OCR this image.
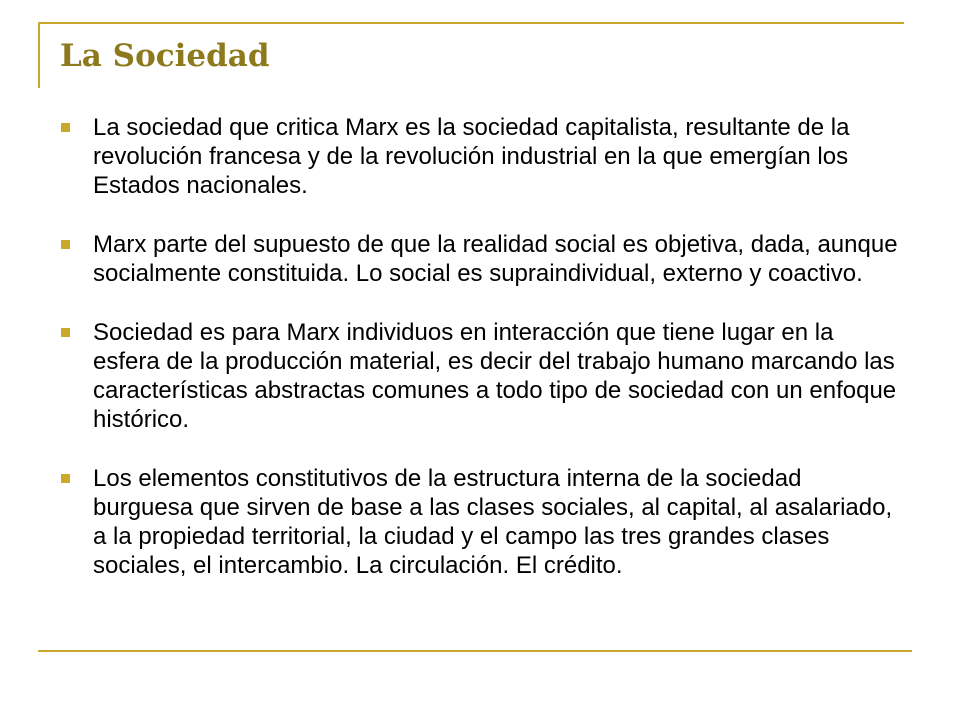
La Sociedad
La sociedad que critica Marx es la sociedad capitalista, resultante de la revolución francesa y de la revolución industrial en la que emergían los Estados nacionales.
Marx parte del supuesto de que la realidad social es objetiva, dada, aunque socialmente constituida. Lo social es supraindividual, externo y coactivo.
Sociedad es para Marx individuos en interacción que tiene lugar en la esfera de la producción material, es decir del trabajo humano marcando las características abstractas comunes a todo tipo de sociedad con un enfoque histórico.
Los elementos constitutivos de la estructura interna de la sociedad burguesa que sirven de base a las clases sociales, al capital, al asalariado, a la propiedad territorial, la ciudad y el campo las tres grandes clases sociales, el intercambio. La circulación. El crédito.
